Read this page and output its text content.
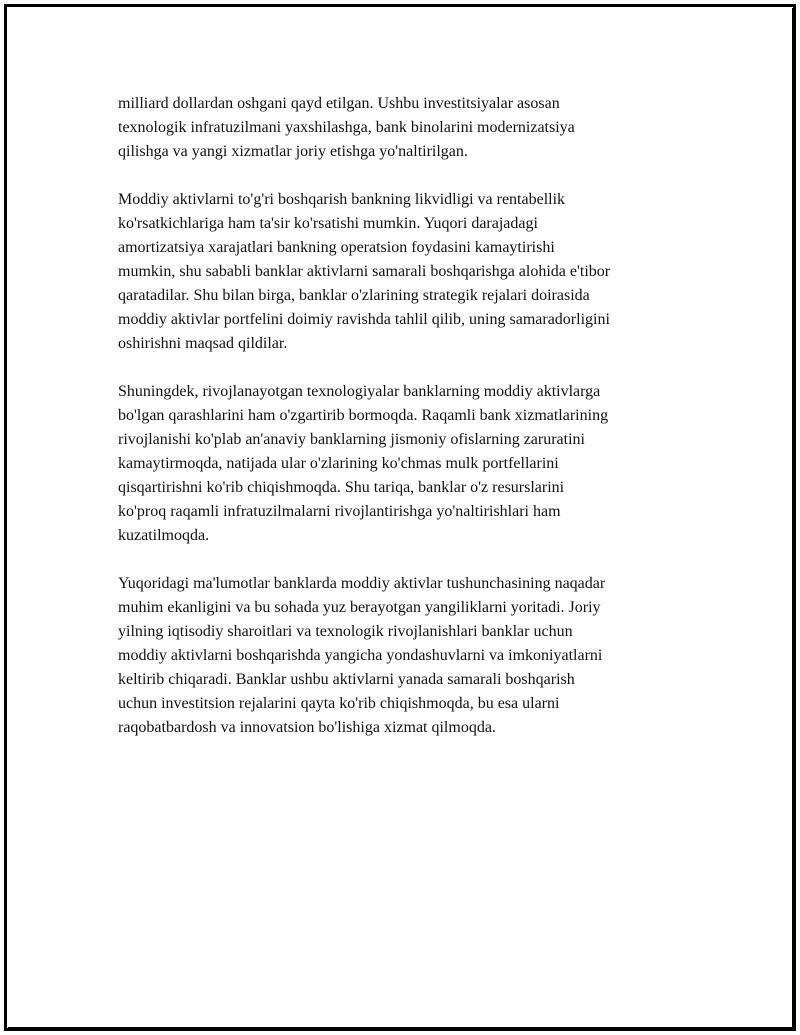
milliard dollardan oshgani qayd etilgan. Ushbu investitsiyalar asosan
texnologik infratuzilmani yaxshilashga, bank binolarini modernizatsiya
qilishga va yangi xizmatlar joriy etishga yo'naltirilgan.

Moddiy aktivlarni to'g'ri boshqarish bankning likvidligi va rentabellik
ko'rsatkichlariga ham ta'sir ko'rsatishi mumkin. Yuqori darajadagi
amortizatsiya xarajatlari bankning operatsion foydasini kamaytirishi
mumkin, shu sababli banklar aktivlarni samarali boshqarishga alohida e'tibor
qaratadilar. Shu bilan birga, banklar o'zlarining strategik rejalari doirasida
moddiy aktivlar portfelini doimiy ravishda tahlil qilib, uning samaradorligini
oshirishni maqsad qildilar.

Shuningdek, rivojlanayotgan texnologiyalar banklarning moddiy aktivlarga
bo'lgan qarashlarini ham o'zgartirib bormoqda. Raqamli bank xizmatlarining
rivojlanishi ko'plab an'anaviy banklarning jismoniy ofislarning zaruratini
kamaytirmoqda, natijada ular o'zlarining ko'chmas mulk portfellarini
qisqartirishni ko'rib chiqishmoqda. Shu tariqa, banklar o'z resurslarini
ko'proq raqamli infratuzilmalarni rivojlantirishga yo'naltirishlari ham
kuzatilmoqda.

Yuqoridagi ma'lumotlar banklarda moddiy aktivlar tushunchasining naqadar
muhim ekanligini va bu sohada yuz berayotgan yangiliklarni yoritadi. Joriy
yilning iqtisodiy sharoitlari va texnologik rivojlanishlari banklar uchun
moddiy aktivlarni boshqarishda yangicha yondashuvlarni va imkoniyatlarni
keltirib chiqaradi. Banklar ushbu aktivlarni yanada samarali boshqarish
uchun investitsion rejalarini qayta ko'rib chiqishmoqda, bu esa ularni
raqobatbardosh va innovatsion bo'lishiga xizmat qilmoqda.
